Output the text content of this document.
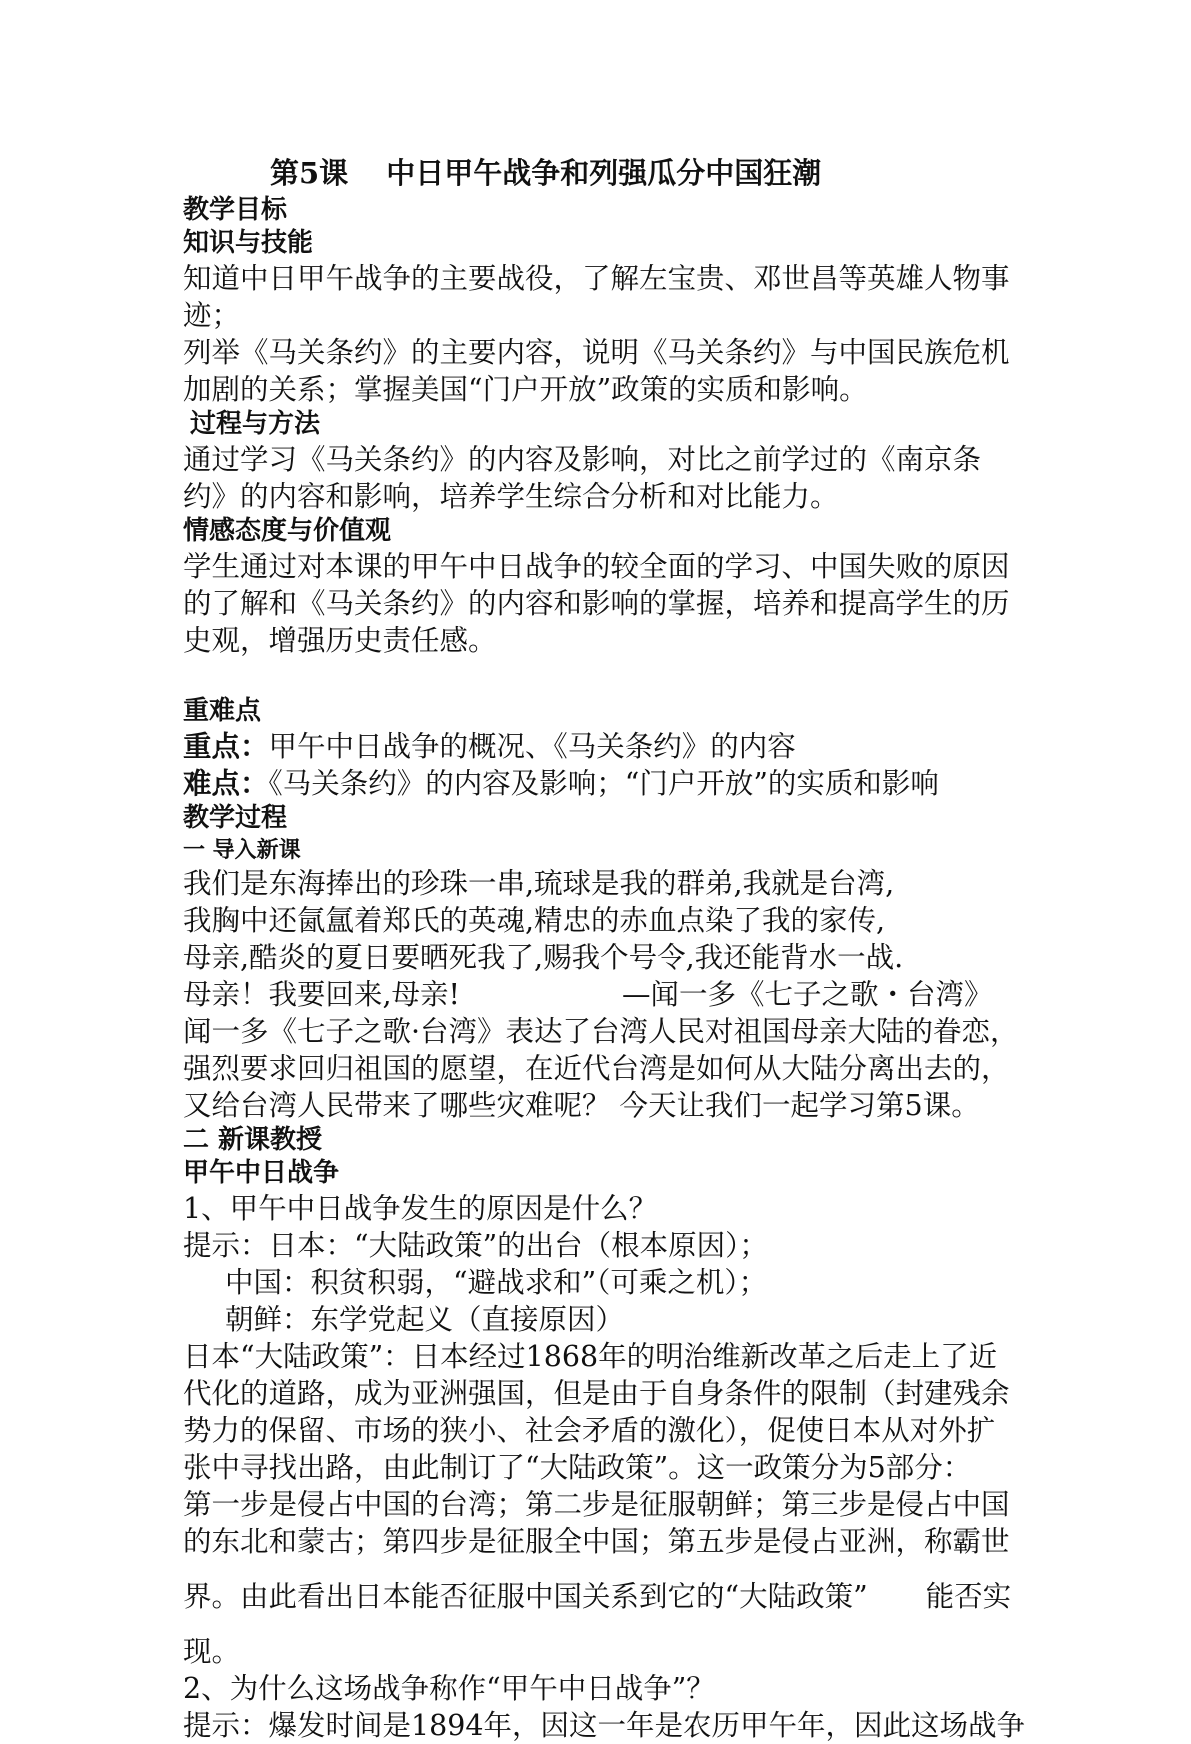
第5课 中日甲午战争和列强瓜分中国狂潮
教学目标
知识与技能
知道中日甲午战争的主要战役，了解左宝贵、邓世昌等英雄人物事
迹；
列举《马关条约》的主要内容，说明《马关条约》与中国民族危机
加剧的关系；掌握美国“门户开放”政策的实质和影响。
过程与方法
通过学习《马关条约》的内容及影响，对比之前学过的《南京条
约》的内容和影响，培养学生综合分析和对比能力。
情感态度与价值观
学生通过对本课的甲午中日战争的较全面的学习、中国失败的原因
的了解和《马关条约》的内容和影响的掌握，培养和提高学生的历
史观，增强历史责任感。
重难点
重点：甲午中日战争的概况、《马关条约》的内容
难点：《马关条约》的内容及影响；“门户开放”的实质和影响
教学过程
一 导入新课
我们是东海捧出的珍珠一串,琉球是我的群弟,我就是台湾,
我胸中还氤氲着郑氏的英魂,精忠的赤血点染了我的家传,
母亲,酷炎的夏日要晒死我了,赐我个号令,我还能背水一战.
母亲！我要回来,母亲!	—闻一多《七子之歌・台湾》
闻一多《七子之歌·台湾》表达了台湾人民对祖国母亲大陆的眷恋，
强烈要求回归祖国的愿望，在近代台湾是如何从大陆分离出去的，
又给台湾人民带来了哪些灾难呢？ 今天让我们一起学习第5课。
二 新课教授
甲午中日战争
1、甲午中日战争发生的原因是什么？
提示：日本：“大陆政策”的出台（根本原因）；
中国：积贫积弱，“避战求和”（可乘之机）；
朝鲜：东学党起义（直接原因）
日本“大陆政策”：日本经过1868年的明治维新改革之后走上了近
代化的道路，成为亚洲强国，但是由于自身条件的限制（封建残余
势力的保留、市场的狭小、社会矛盾的激化），促使日本从对外扩
张中寻找出路，由此制订了“大陆政策”。这一政策分为5部分：
第一步是侵占中国的台湾；第二步是征服朝鲜；第三步是侵占中国
的东北和蒙古；第四步是征服全中国；第五步是侵占亚洲，称霸世
界。由此看出日本能否征服中国关系到它的“大陆政策” 能否实
现。
2、为什么这场战争称作“甲午中日战争”？
提示：爆发时间是1894年，因这一年是农历甲午年，因此这场战争
